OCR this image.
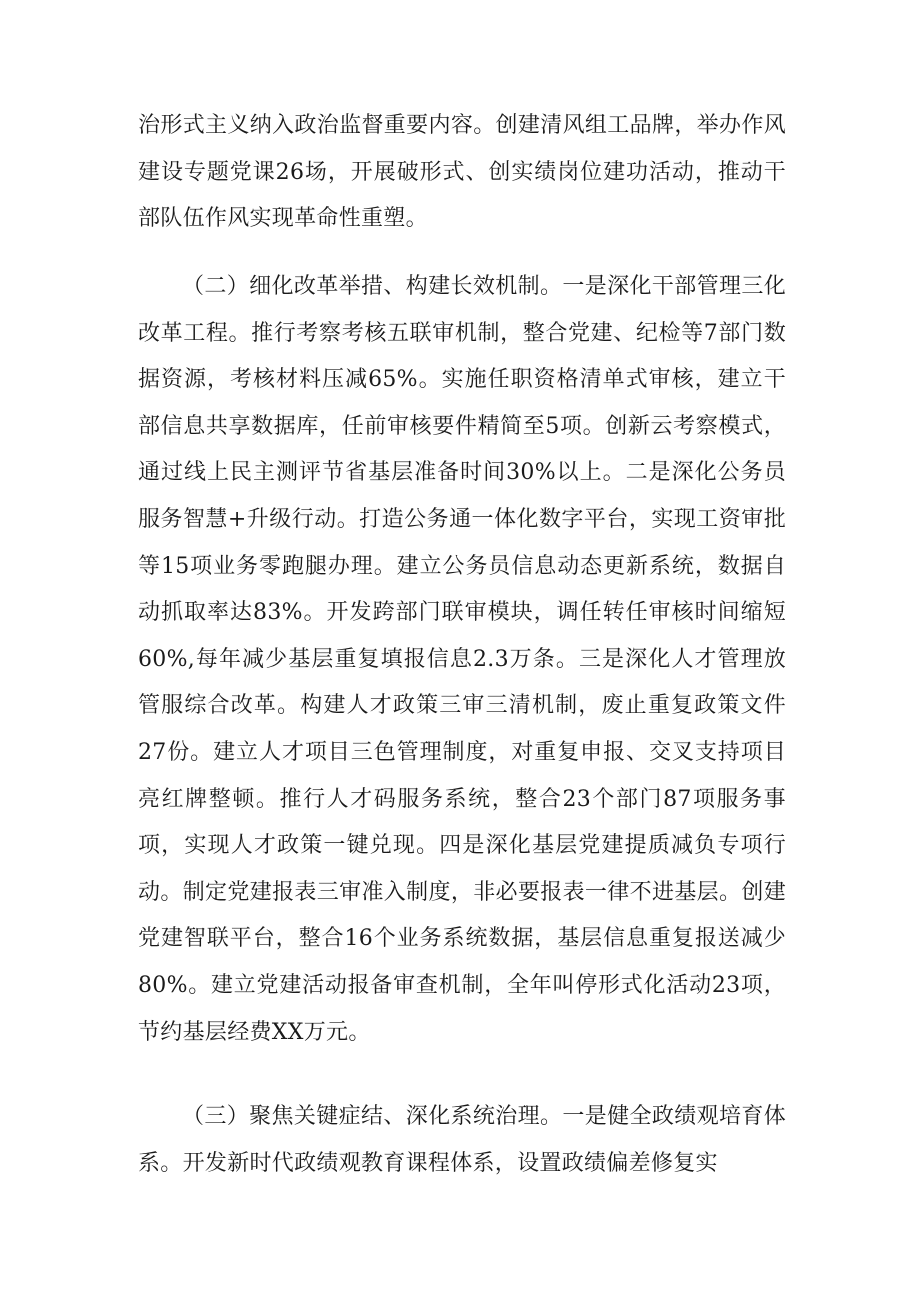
治形式主义纳入政治监督重要内容。创建清风组工品牌，举办作风建设专题党课26场，开展破形式、创实绩岗位建功活动，推动干部队伍作风实现革命性重塑。

（二）细化改革举措、构建长效机制。一是深化干部管理三化改革工程。推行考察考核五联审机制，整合党建、纪检等7部门数据资源，考核材料压减65%。实施任职资格清单式审核，建立干部信息共享数据库，任前审核要件精简至5项。创新云考察模式，通过线上民主测评节省基层准备时间30%以上。二是深化公务员服务智慧+升级行动。打造公务通一体化数字平台，实现工资审批等15项业务零跑腿办理。建立公务员信息动态更新系统，数据自动抓取率达83%。开发跨部门联审模块，调任转任审核时间缩短60%,每年减少基层重复填报信息2.3万条。三是深化人才管理放管服综合改革。构建人才政策三审三清机制，废止重复政策文件27份。建立人才项目三色管理制度，对重复申报、交叉支持项目亮红牌整顿。推行人才码服务系统，整合23个部门87项服务事项，实现人才政策一键兑现。四是深化基层党建提质减负专项行动。制定党建报表三审准入制度，非必要报表一律不进基层。创建党建智联平台，整合16个业务系统数据，基层信息重复报送减少80%。建立党建活动报备审查机制，全年叫停形式化活动23项，节约基层经费XX万元。

（三）聚焦关键症结、深化系统治理。一是健全政绩观培育体系。开发新时代政绩观教育课程体系，设置政绩偏差修复实
